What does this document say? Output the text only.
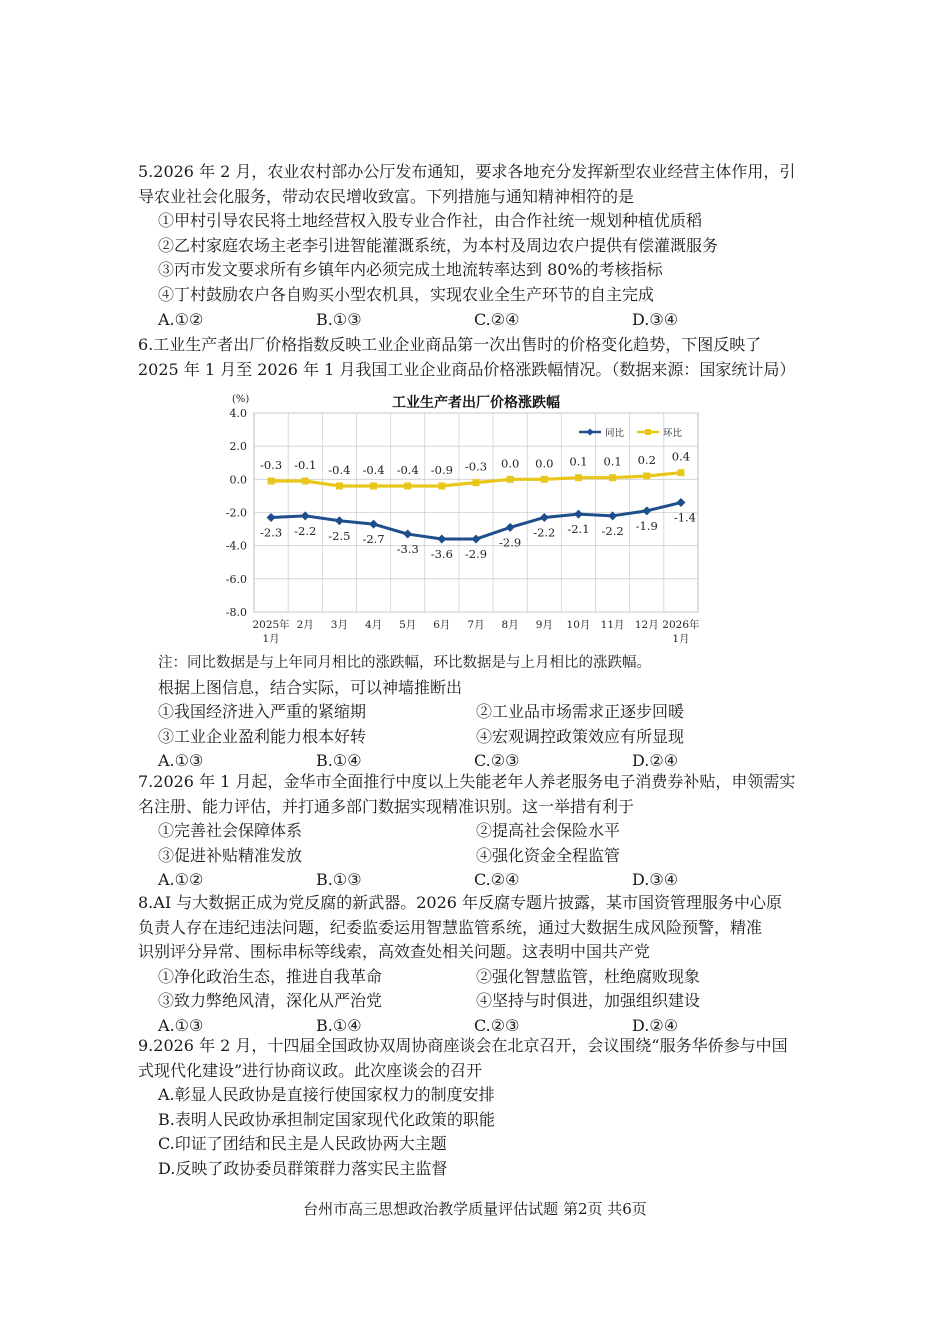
5.2026 年 2 月，农业农村部办公厅发布通知，要求各地充分发挥新型农业经营主体作用，引
导农业社会化服务，带动农民增收致富。下列措施与通知精神相符的是
①甲村引导农民将土地经营权入股专业合作社，由合作社统一规划种植优质稻
②乙村家庭农场主老李引进智能灌溉系统，为本村及周边农户提供有偿灌溉服务
③丙市发文要求所有乡镇年内必须完成土地流转率达到 80%的考核指标
④丁村鼓励农户各自购买小型农机具，实现农业全生产环节的自主完成
A.①②	B.①③	C.②④	D.③④
6.工业生产者出厂价格指数反映工业企业商品第一次出售时的价格变化趋势，下图反映了
2025 年 1 月至 2026 年 1 月我国工业企业商品价格涨跌幅情况。（数据来源：国家统计局）
4.0
2.0
0.0
-2.0
-4.0
-6.0
-8.0
(%)	工业生产者出厂价格涨跌幅
2025年
1月
2月 3月 4月 5月 6月 7月 8月 9月 10月 11月 12月 2026年
1月
-2.3 -2.2 -2.5 -2.7
-3.3 -3.6 -2.9
-2.9
-2.2 -2.1 -2.2 -1.9
-1.4
-0.3 -0.1 -0.4 -0.4 -0.4 -0.9 -0.3 0.0 0.0 0.1 0.1 0.2 0.4
同比	环比
注：同比数据是与上年同月相比的涨跌幅，环比数据是与上月相比的涨跌幅。
根据上图信息，结合实际，可以神墙推断出
①我国经济进入严重的紧缩期	②工业品市场需求正逐步回暖
③工业企业盈利能力根本好转	④宏观调控政策效应有所显现
A.①③	B.①④	C.②③	D.②④
7.2026 年 1 月起，金华市全面推行中度以上失能老年人养老服务电子消费券补贴，申领需实
名注册、能力评估，并打通多部门数据实现精准识别。这一举措有利于
①完善社会保障体系	②提高社会保险水平
③促进补贴精准发放	④强化资金全程监管
A.①②	B.①③	C.②④	D.③④
8.AI 与大数据正成为党反腐的新武器。2026 年反腐专题片披露，某市国资管理服务中心原
负责人存在违纪违法问题，纪委监委运用智慧监管系统，通过大数据生成风险预警，精准
识别评分异常、围标串标等线索，高效查处相关问题。这表明中国共产党
①净化政治生态，推进自我革命	②强化智慧监管，杜绝腐败现象
③致力弊绝风清，深化从严治党	④坚持与时俱进，加强组织建设
A.①③	B.①④	C.②③	D.②④
9.2026 年 2 月，十四届全国政协双周协商座谈会在北京召开，会议围绕“服务华侨参与中国
式现代化建设”进行协商议政。此次座谈会的召开
A.彰显人民政协是直接行使国家权力的制度安排
B.表明人民政协承担制定国家现代化政策的职能
C.印证了团结和民主是人民政协两大主题
D.反映了政协委员群策群力落实民主监督
台州市高三思想政治教学质量评估试题 第2页 共6页
